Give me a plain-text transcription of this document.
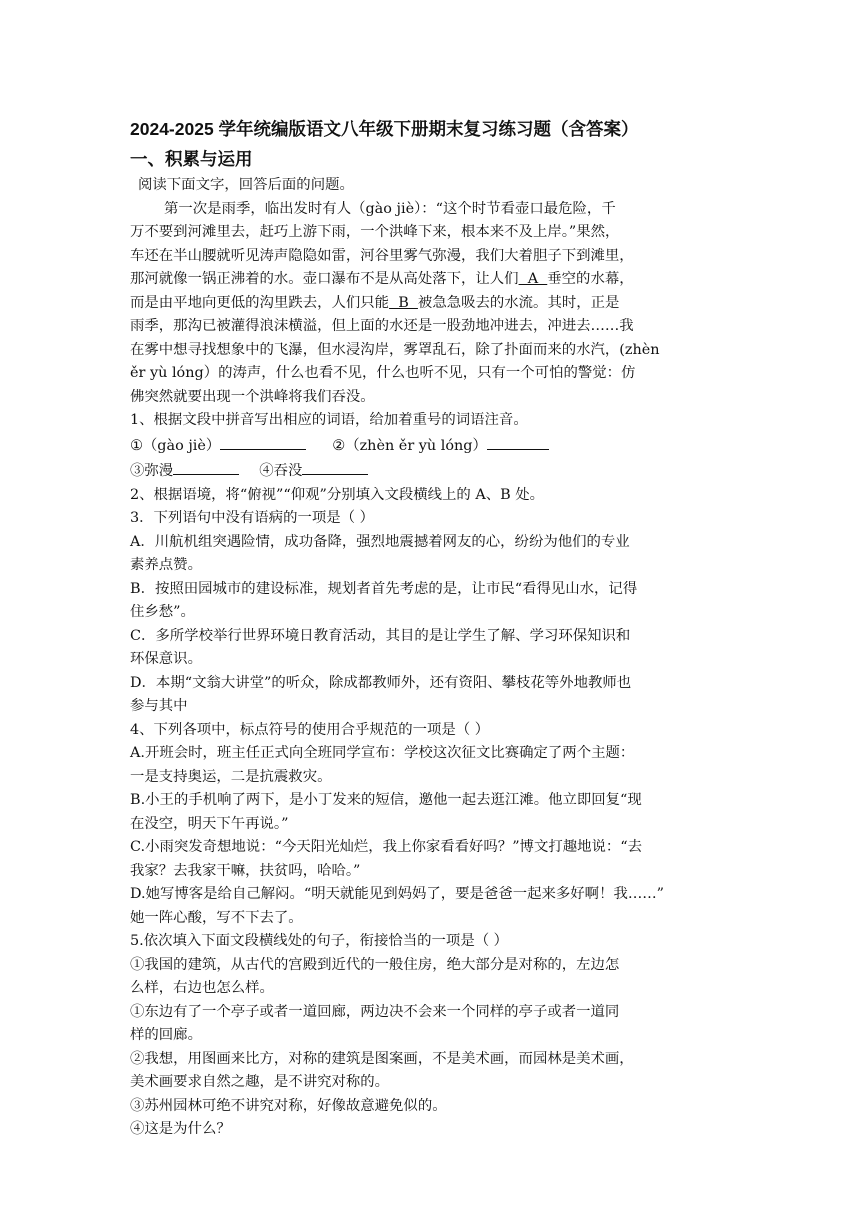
2024-2025 学年统编版语文八年级下册期末复习练习题（含答案）

一、积累与运用

阅读下面文字，回答后面的问题。

第一次是雨季，临出发时有人（gào jiè）：“这个时节看壶口最危险，千

万不要到河滩里去，赶巧上游下雨，一个洪峰下来，根本来不及上岸。”果然，

车还在半山腰就听见涛声隐隐如雷，河谷里雾气弥漫，我们大着胆子下到滩里，

那河就像一锅正沸着的水。壶口瀑布不是从高处落下，让人们  A  垂空的水幕，

而是由平地向更低的沟里跌去，人们只能  B  被急急吸去的水流。其时，正是

雨季，那沟已被灌得浪沫横溢，但上面的水还是一股劲地冲进去，冲进去……我

在雾中想寻找想象中的飞瀑，但水浸沟岸，雾罩乱石，除了扑面而来的水汽，(zhèn

ěr yù lóng）的涛声，什么也看不见，什么也听不见，只有一个可怕的警觉：仿

佛突然就要出现一个洪峰将我们吞没。

1、根据文段中拼音写出相应的词语，给加着重号的词语注音。

①（gào jiè）	②（zhèn ěr yù lóng）

③弥漫	④吞没

2、根据语境，将“俯视”“仰观”分别填入文段横线上的 A、B 处。

3．下列语句中没有语病的一项是（ ）

A．川航机组突遇险情，成功备降，强烈地震撼着网友的心，纷纷为他们的专业

素养点赞。

B．按照田园城市的建设标准，规划者首先考虑的是，让市民“看得见山水，记得

住乡愁”。

C．多所学校举行世界环境日教育活动，其目的是让学生了解、学习环保知识和

环保意识。

D．本期“文翁大讲堂”的听众，除成都教师外，还有资阳、攀枝花等外地教师也

参与其中

4、下列各项中，标点符号的使用合乎规范的一项是（ ）

A.开班会时，班主任正式向全班同学宣布：学校这次征文比赛确定了两个主题：

一是支持奥运，二是抗震救灾。

B.小王的手机响了两下，是小丁发来的短信，邀他一起去逛江滩。他立即回复“现

在没空，明天下午再说。”

C.小雨突发奇想地说：“今天阳光灿烂，我上你家看看好吗？”博文打趣地说：“去

我家？去我家干嘛，扶贫吗，哈哈。”

D.她写博客是给自己解闷。“明天就能见到妈妈了，要是爸爸一起来多好啊！我……”

她一阵心酸，写不下去了。

5.依次填入下面文段横线处的句子，衔接恰当的一项是（ ）

①我国的建筑，从古代的宫殿到近代的一般住房，绝大部分是对称的，左边怎

么样，右边也怎么样。

①东边有了一个亭子或者一道回廊，两边决不会来一个同样的亭子或者一道同

样的回廊。

②我想，用图画来比方，对称的建筑是图案画，不是美术画，而园林是美术画，

美术画要求自然之趣，是不讲究对称的。

③苏州园林可绝不讲究对称，好像故意避免似的。

④这是为什么？
